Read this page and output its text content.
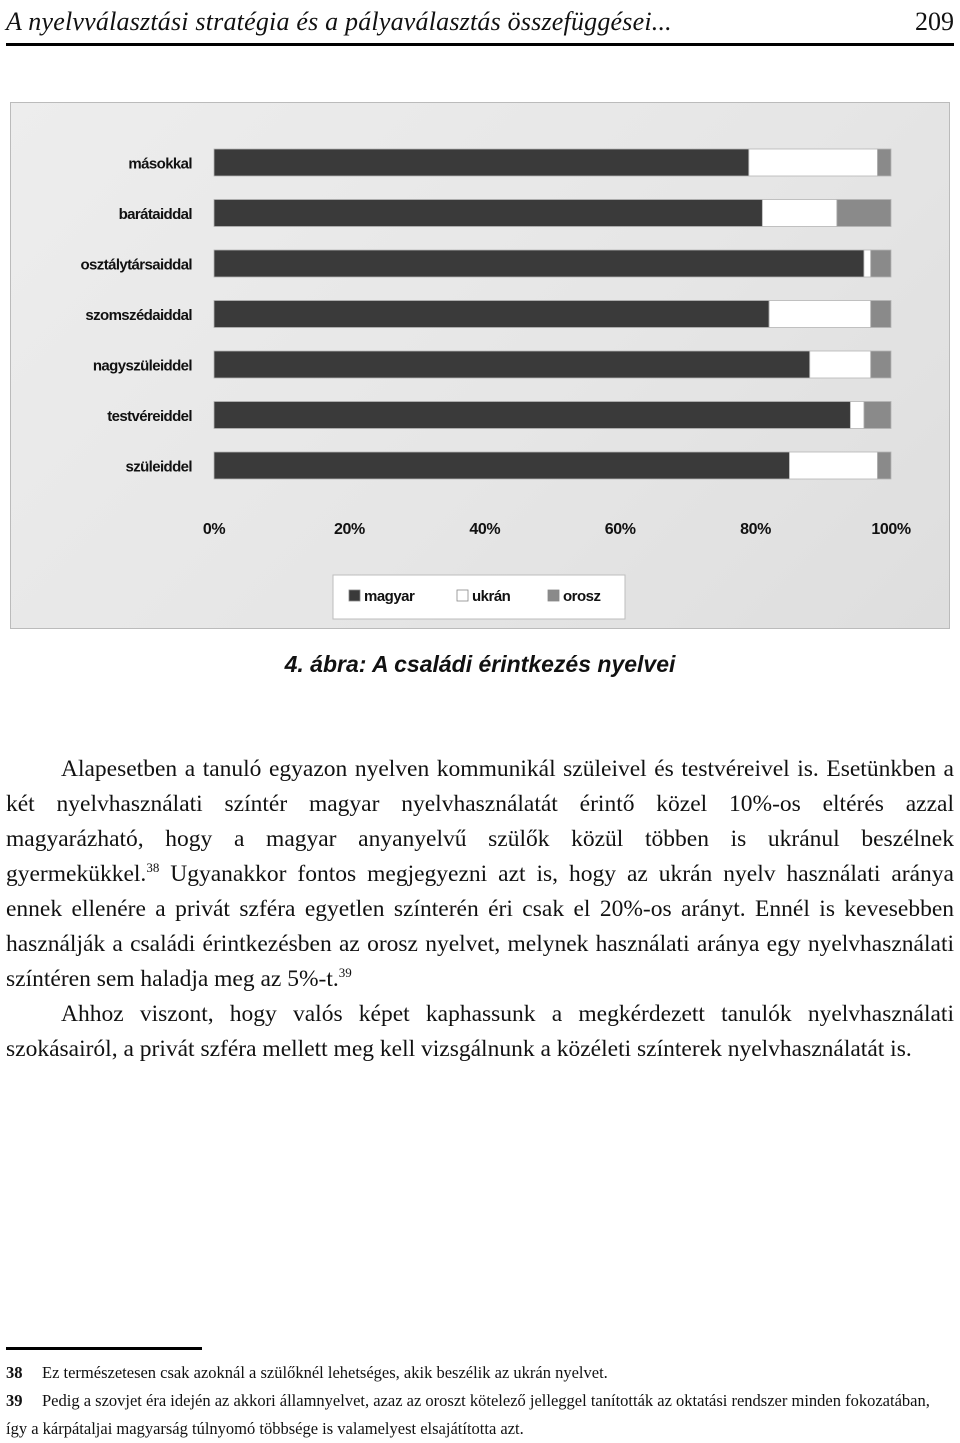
A nyelvválasztási stratégia és a pályaválasztás összefüggései...	209
másokkal
barátaiddal
osztálytársaiddal
szomszédaiddal
nagyszüleiddel
testvéreiddel
szüleiddel
0%	20%	40%	60%	80%	100%
magyar	ukrán	orosz
4. ábra: A családi érintkezés nyelvei

Alapesetben a tanuló egyazon nyelven kommunikál szüleivel és testvéreivel is. Esetünkben a két nyelvhasználati színtér magyar nyelvhasználatát érintő közel 10%-os eltérés azzal magyarázható, hogy a magyar anyanyelvű szülők közül többen is ukránul beszélnek gyermekükkel.$^{38}$ Ugyanakkor fontos megjegyezni azt is, hogy az ukrán nyelv használati aránya ennek ellenére a privát szféra egyetlen színterén éri csak el 20%-os arányt. Ennél is kevesebben használják a családi érintkezésben az orosz nyelvet, melynek használati aránya egy nyelvhasználati színtéren sem haladja meg az 5%-t.$^{39}$

Ahhoz viszont, hogy valós képet kaphassunk a megkérdezett tanulók nyelvhasználati szokásairól, a privát szféra mellett meg kell vizsgálnunk a közéleti színterek nyelvhasználatát is.

38 Ez természetesen csak azoknál a szülőknél lehetséges, akik beszélik az ukrán nyelvet.

39 Pedig a szovjet éra idején az akkori államnyelvet, azaz az oroszt kötelező jelleggel tanították az oktatási rendszer minden fokozatában, így a kárpátaljai magyarság túlnyomó többsége is valamelyest elsajátította azt.
